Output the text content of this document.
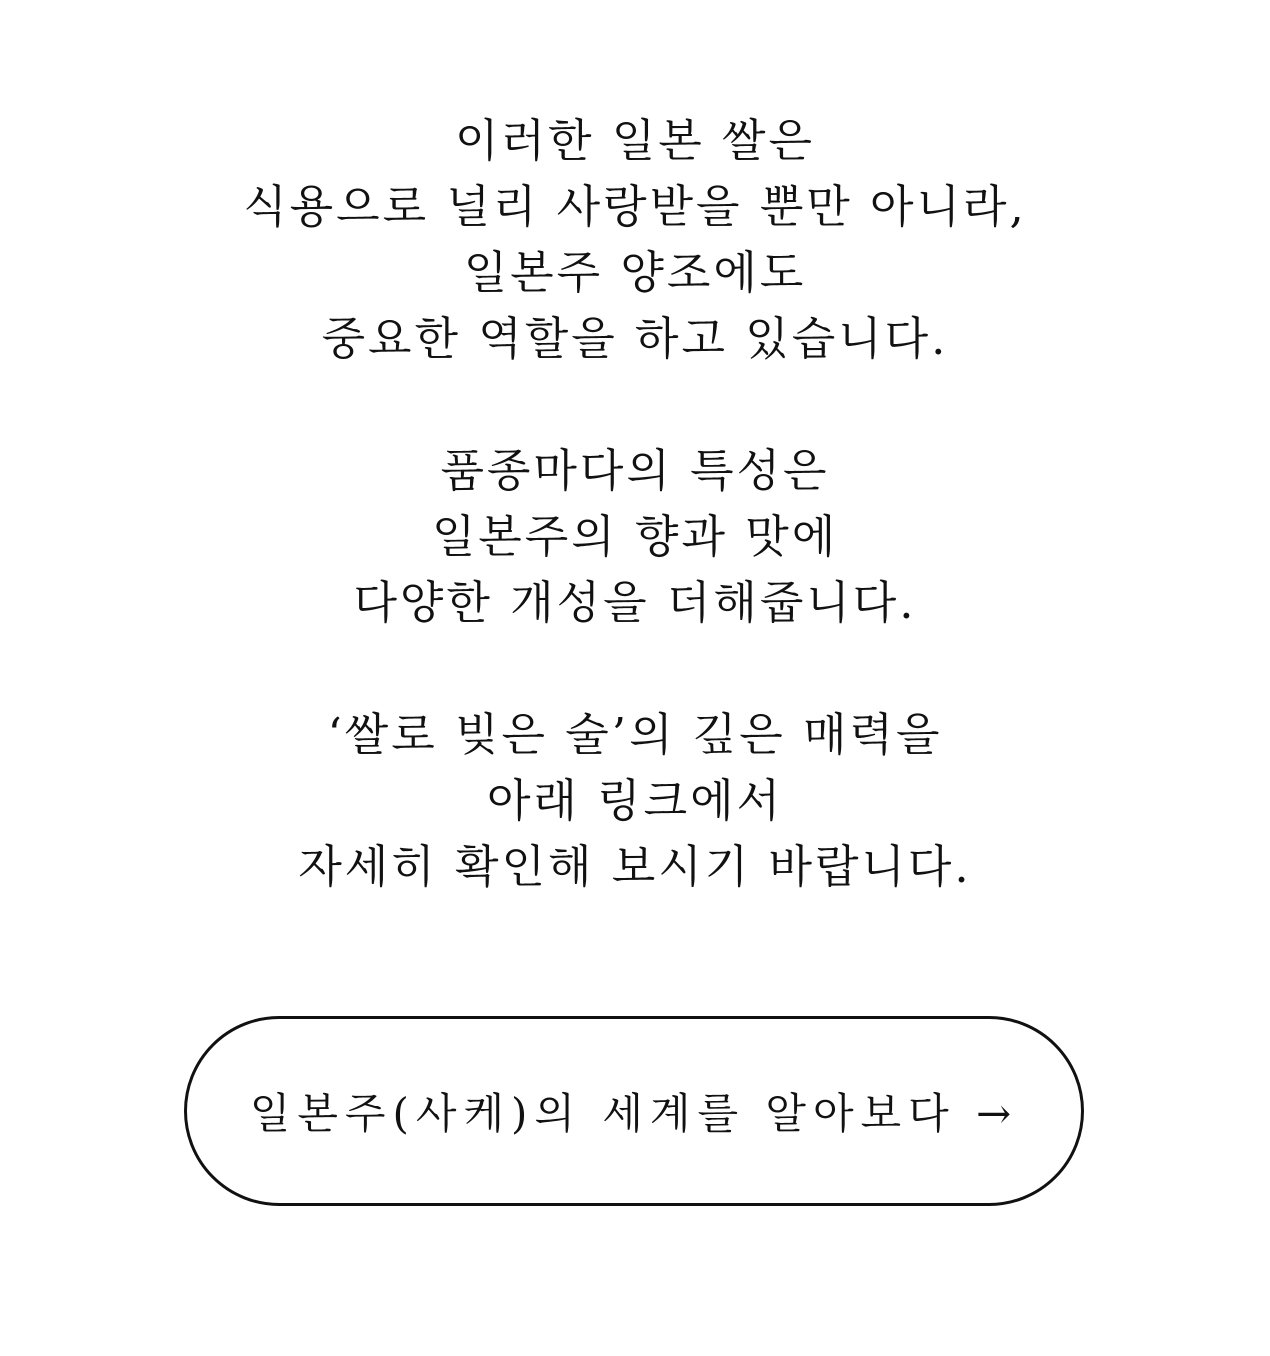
이러한 일본 쌀은
식용으로 널리 사랑받을 뿐만 아니라,
일본주 양조에도
중요한 역할을 하고 있습니다.

품종마다의 특성은
일본주의 향과 맛에
다양한 개성을 더해줍니다.

‘쌀로 빚은 술’의 깊은 매력을
아래 링크에서
자세히 확인해 보시기 바랍니다.

일본주(사케)의 세계를 알아보다 →
